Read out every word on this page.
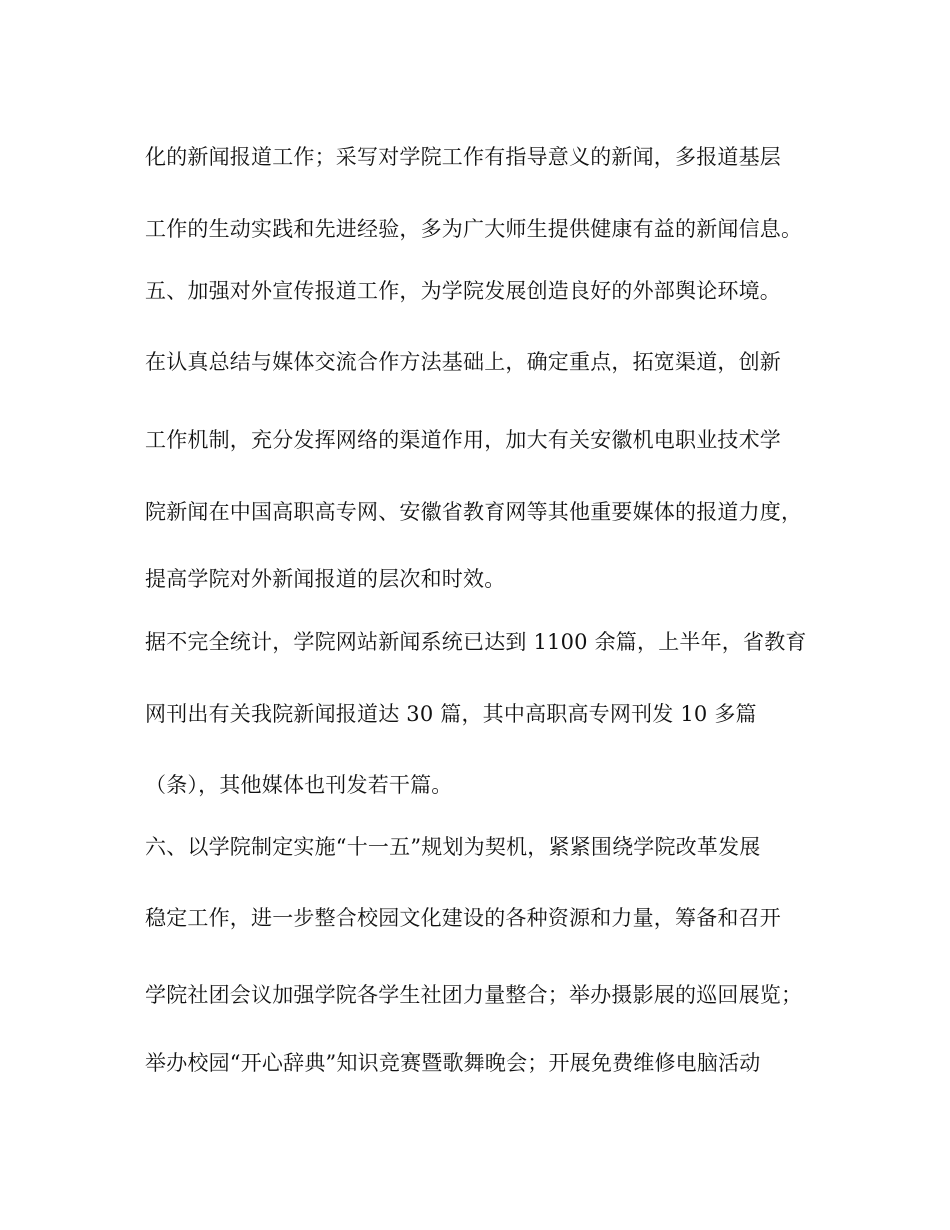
化的新闻报道工作；采写对学院工作有指导意义的新闻，多报道基层
工作的生动实践和先进经验，多为广大师生提供健康有益的新闻信息。
五、加强对外宣传报道工作，为学院发展创造良好的外部舆论环境。
在认真总结与媒体交流合作方法基础上，确定重点，拓宽渠道，创新
工作机制，充分发挥网络的渠道作用，加大有关安徽机电职业技术学
院新闻在中国高职高专网、安徽省教育网等其他重要媒体的报道力度，
提高学院对外新闻报道的层次和时效。
据不完全统计，学院网站新闻系统已达到 1100 余篇，上半年，省教育
网刊出有关我院新闻报道达 30 篇，其中高职高专网刊发 10 多篇
（条），其他媒体也刊发若干篇。
六、以学院制定实施“十一五”规划为契机，紧紧围绕学院改革发展
稳定工作，进一步整合校园文化建设的各种资源和力量，筹备和召开
学院社团会议加强学院各学生社团力量整合；举办摄影展的巡回展览；
举办校园“开心辞典”知识竞赛暨歌舞晚会；开展免费维修电脑活动
